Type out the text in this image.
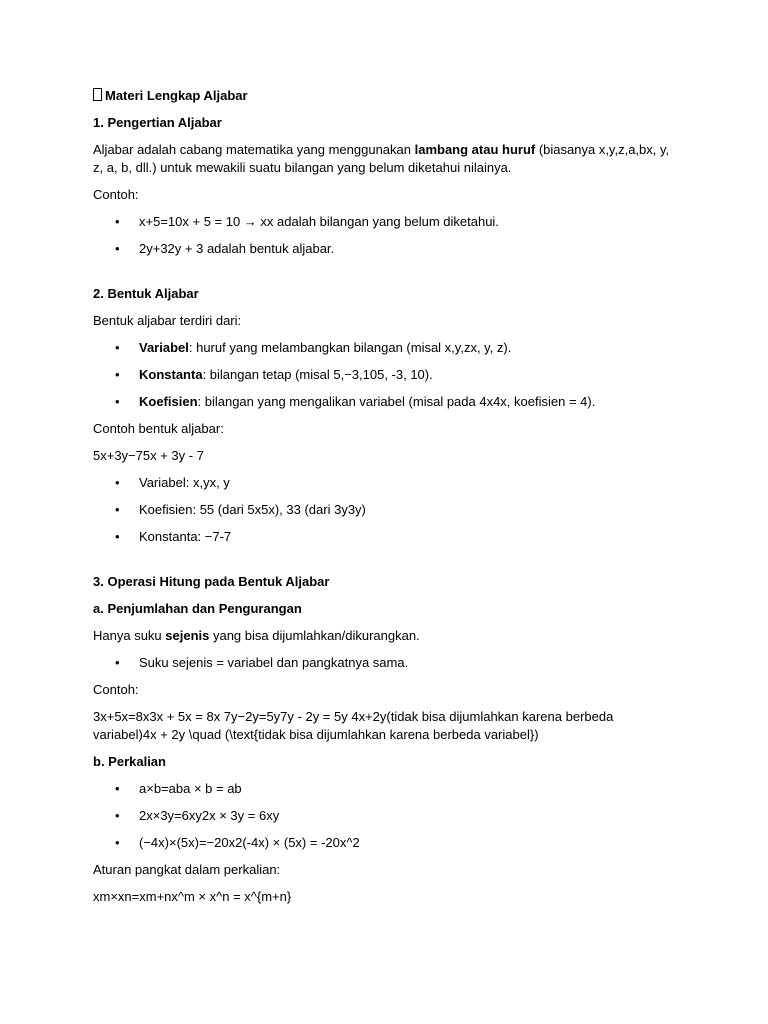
Materi Lengkap Aljabar

1. Pengertian Aljabar

Aljabar adalah cabang matematika yang menggunakan lambang atau huruf (biasanya x,y,z,a,bx, y, z, a, b, dll.) untuk mewakili suatu bilangan yang belum diketahui nilainya.

Contoh:

• x+5=10x + 5 = 10 → xx adalah bilangan yang belum diketahui.
• 2y+32y + 3 adalah bentuk aljabar.

2. Bentuk Aljabar

Bentuk aljabar terdiri dari:

• Variabel: huruf yang melambangkan bilangan (misal x,y,zx, y, z).
• Konstanta: bilangan tetap (misal 5,−3,105, -3, 10).
• Koefisien: bilangan yang mengalikan variabel (misal pada 4x4x, koefisien = 4).

Contoh bentuk aljabar:

5x+3y−75x + 3y - 7

• Variabel: x,yx, y
• Koefisien: 55 (dari 5x5x), 33 (dari 3y3y)
• Konstanta: −7-7

3. Operasi Hitung pada Bentuk Aljabar

a. Penjumlahan dan Pengurangan

Hanya suku sejenis yang bisa dijumlahkan/dikurangkan.

• Suku sejenis = variabel dan pangkatnya sama.

Contoh:

3x+5x=8x3x + 5x = 8x 7y−2y=5y7y - 2y = 5y 4x+2y(tidak bisa dijumlahkan karena berbeda variabel)4x + 2y \quad (\text{tidak bisa dijumlahkan karena berbeda variabel})

b. Perkalian

• a×b=aba × b = ab
• 2x×3y=6xy2x × 3y = 6xy
• (−4x)×(5x)=−20x2(-4x) × (5x) = -20x^2

Aturan pangkat dalam perkalian:

xm×xn=xm+nx^m × x^n = x^{m+n}
